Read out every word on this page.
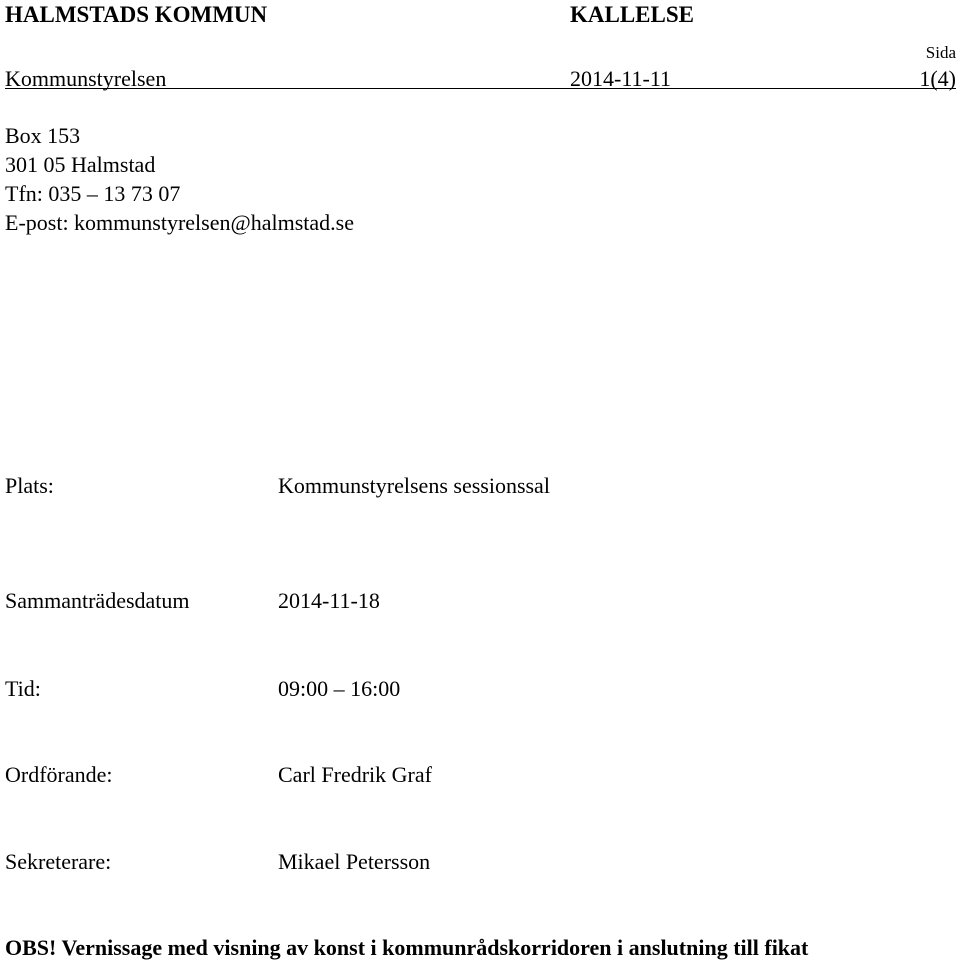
HALMSTADS KOMMUN	KALLELSE
Sida
Kommunstyrelsen	2014-11-11	1(4)
Box 153
301 05 Halmstad
Tfn: 035 – 13 73 07
E-post: kommunstyrelsen@halmstad.se
Plats:	Kommunstyrelsens sessionssal
Sammanträdesdatum	2014-11-18
Tid:	09:00 – 16:00
Ordförande:	Carl Fredrik Graf
Sekreterare:	Mikael Petersson
OBS! Vernissage med visning av konst i kommunrådskorridoren i anslutning till fikat
